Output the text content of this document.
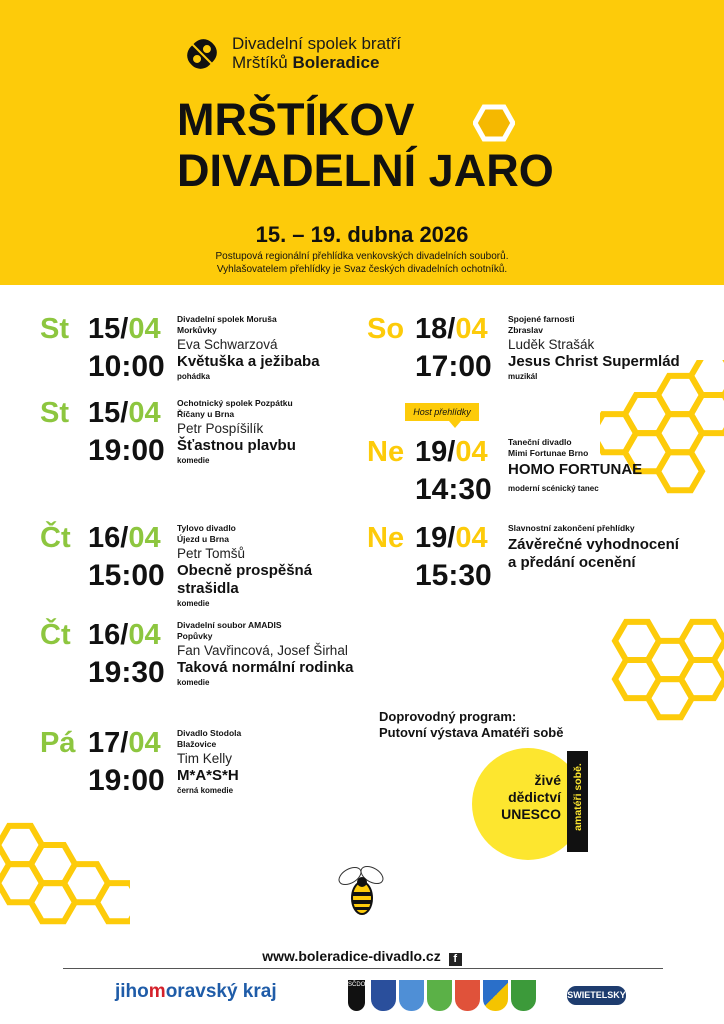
Divadelní spolek bratří
Mrštíků Boleradice
MRŠTÍKOV
DIVADELNÍ JARO
15. – 19. dubna 2026
Postupová regionální přehlídka venkovských divadelních souborů.
Vyhlašovatelem přehlídky je Svaz českých divadelních ochotníků.
St 15/04
10:00
Divadelní spolek Moruša
Morkůvky
Eva Schwarzová
Květuška a ježibaba
pohádka
St 15/04
19:00
Ochotnický spolek Pozpátku
Říčany u Brna
Petr Pospíšilík
Šťastnou plavbu
komedie
Čt 16/04
15:00
Tylovo divadlo
Újezd u Brna
Petr Tomšů
Obecně prospěšná
strašidla
komedie
Čt 16/04
19:30
Divadelní soubor AMADIS
Popůvky
Fan Vavřincová, Josef Širhal
Taková normální rodinka
komedie
Pá 17/04
19:00
Divadlo Stodola
Blažovice
Tim Kelly
M*A*S*H
černá komedie
So 18/04
17:00
Spojené farnosti
Zbraslav
Luděk Strašák
Jesus Christ Supermlád
muzikál
Ne 19/04
14:30
Taneční divadlo
Mimi Fortunae Brno
HOMO FORTUNAE
moderní scénický tanec
Ne 19/04
15:30
Slavnostní zakončení přehlídky
Závěrečné vyhodnocení
a předání ocenění
Host přehlídky
Doprovodný program:
Putovní výstava Amatéři sobě
živé
dědictví
UNESCO amatéři sobě.
www.boleradice-divadlo.cz f
jihomoravský kraj	SČDO
SWIETELSKY
